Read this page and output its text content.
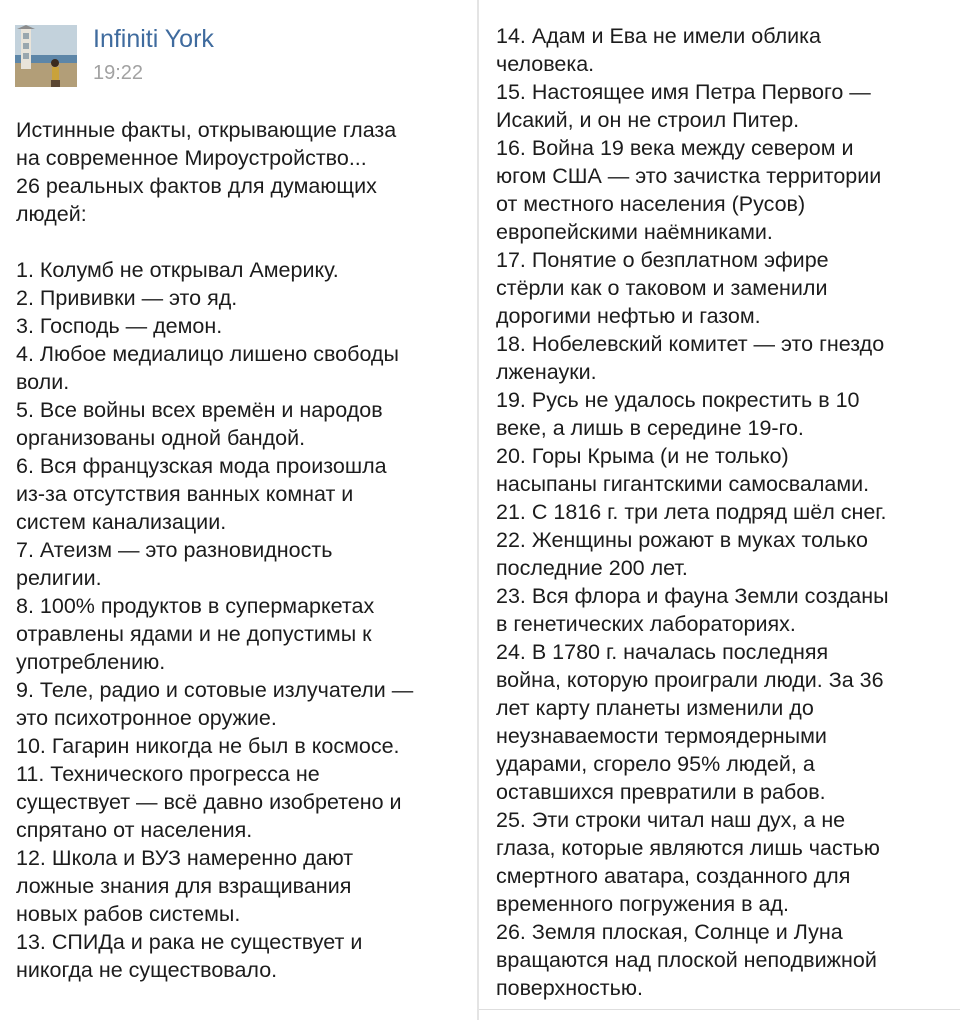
Infiniti York
19:22
Истинные факты, открывающие глаза
на современное Мироустройство...
26 реальных фактов для думающих
людей:
1. Колумб не открывал Америку.
2. Прививки — это яд.
3. Господь — демон.
4. Любое медиалицо лишено свободы
воли.
5. Все войны всех времён и народов
организованы одной бандой.
6. Вся французская мода произошла
из-за отсутствия ванных комнат и
систем канализации.
7. Атеизм — это разновидность
религии.
8. 100% продуктов в супермаркетах
отравлены ядами и не допустимы к
употреблению.
9. Теле, радио и сотовые излучатели —
это психотронное оружие.
10. Гагарин никогда не был в космосе.
11. Технического прогресса не
существует — всё давно изобретено и
спрятано от населения.
12. Школа и ВУЗ намеренно дают
ложные знания для взращивания
новых рабов системы.
13. СПИДа и рака не существует и
никогда не существовало.
14. Адам и Ева не имели облика
человека.
15. Настоящее имя Петра Первого —
Исакий, и он не строил Питер.
16. Война 19 века между севером и
югом США — это зачистка территории
от местного населения (Русов)
европейскими наёмниками.
17. Понятие о безплатном эфире
стёрли как о таковом и заменили
дорогими нефтью и газом.
18. Нобелевский комитет — это гнездо
лженауки.
19. Русь не удалось покрестить в 10
веке, а лишь в середине 19-го.
20. Горы Крыма (и не только)
насыпаны гигантскими самосвалами.
21. С 1816 г. три лета подряд шёл снег.
22. Женщины рожают в муках только
последние 200 лет.
23. Вся флора и фауна Земли созданы
в генетических лабораториях.
24. В 1780 г. началась последняя
война, которую проиграли люди. За 36
лет карту планеты изменили до
неузнаваемости термоядерными
ударами, сгорело 95% людей, а
оставшихся превратили в рабов.
25. Эти строки читал наш дух, а не
глаза, которые являются лишь частью
смертного аватара, созданного для
временного погружения в ад.
26. Земля плоская, Солнце и Луна
вращаются над плоской неподвижной
поверхностью.
